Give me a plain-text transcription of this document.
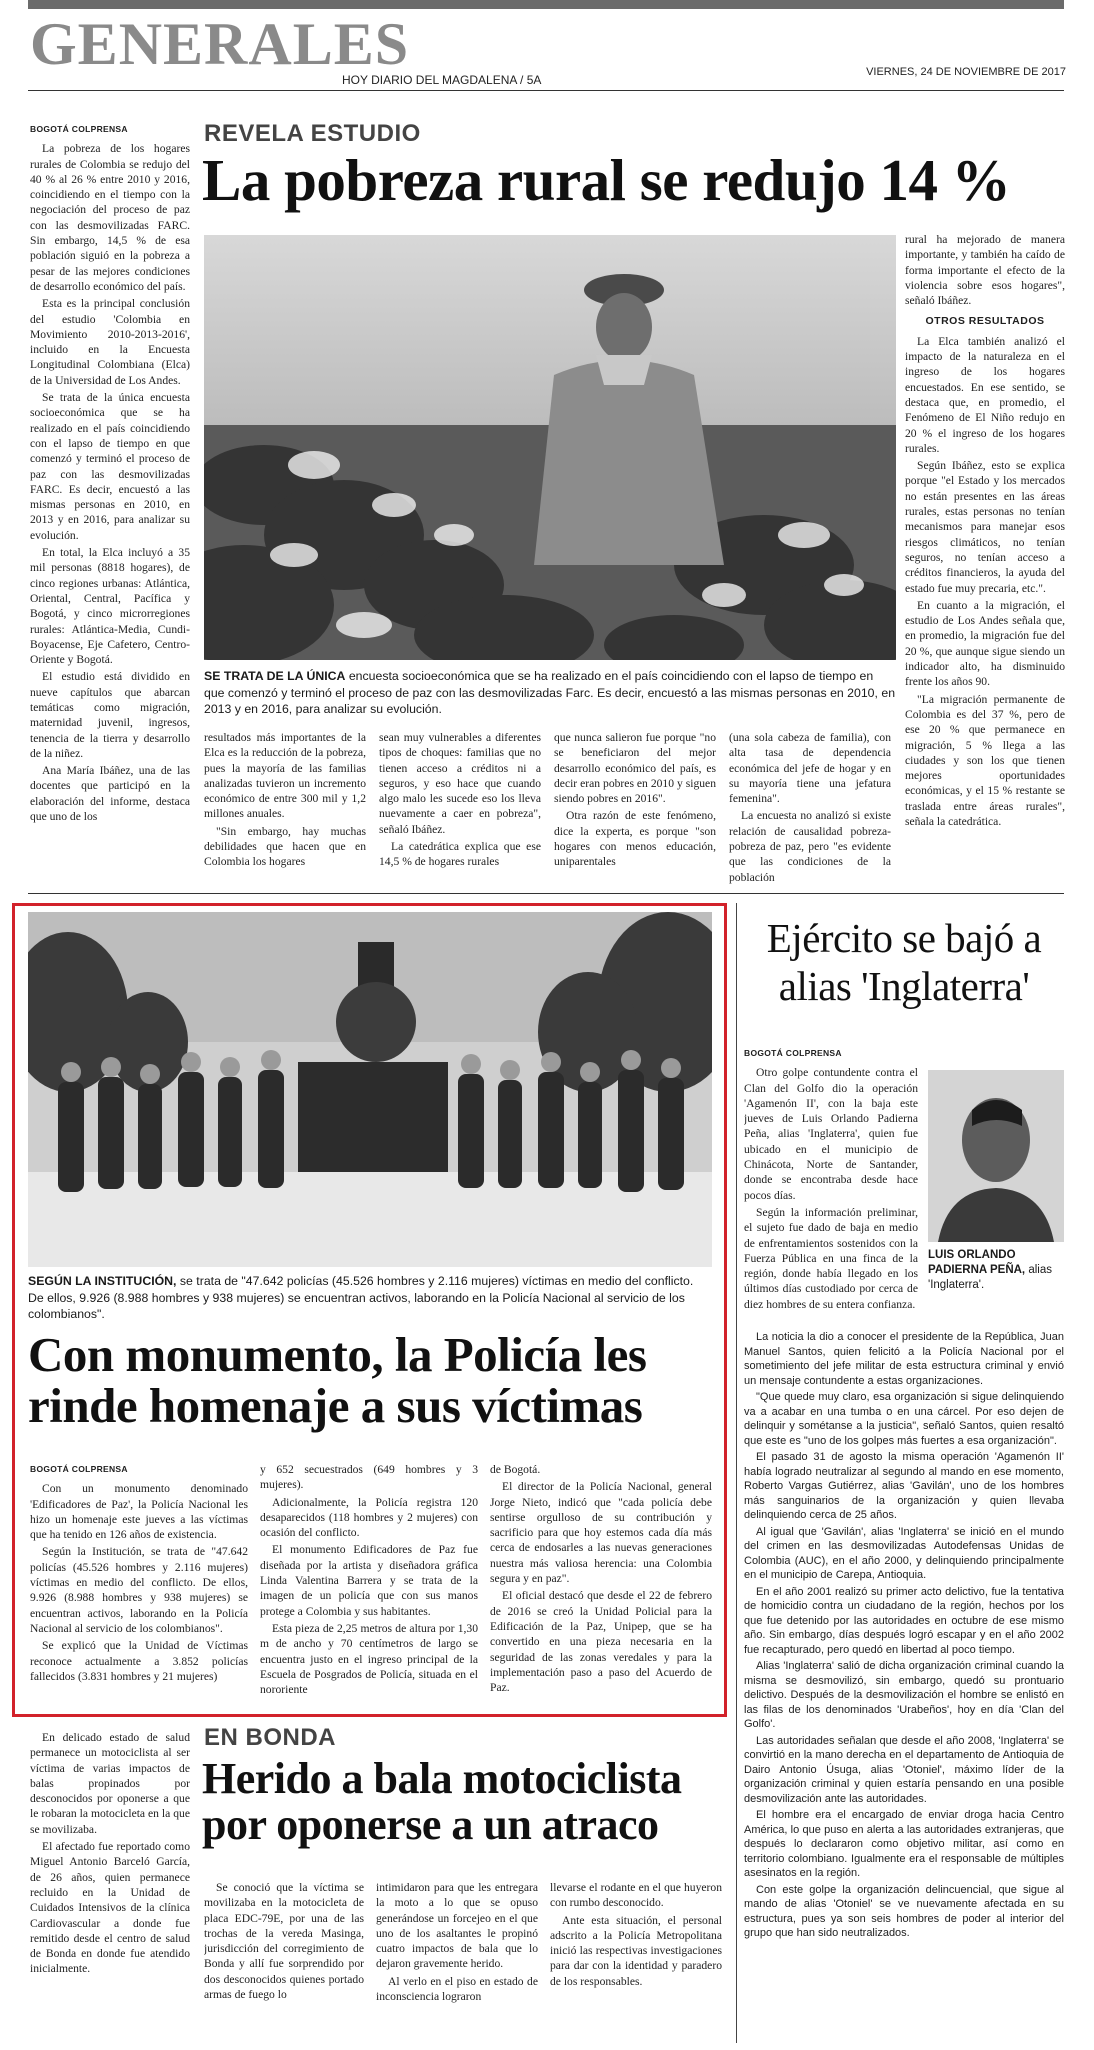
GENERALES
HOY DIARIO DEL MAGDALENA / 5A
VIERNES, 24 DE NOVIEMBRE DE 2017
BOGOTÁ COLPRENSA

La pobreza de los hogares rurales de Colombia se redujo del 40 % al 26 % entre 2010 y 2016, coincidiendo en el tiempo con la negociación del proceso de paz con las desmovilizadas FARC. Sin embargo, 14,5 % de esa población siguió en la pobreza a pesar de las mejores condiciones de desarrollo económico del país.

Esta es la principal conclusión del estudio 'Colombia en Movimiento 2010-2013-2016', incluido en la Encuesta Longitudinal Colombiana (Elca) de la Universidad de Los Andes.

Se trata de la única encuesta socioeconómica que se ha realizado en el país coincidiendo con el lapso de tiempo en que comenzó y terminó el proceso de paz con las desmovilizadas FARC. Es decir, encuestó a las mismas personas en 2010, en 2013 y en 2016, para analizar su evolución.

En total, la Elca incluyó a 35 mil personas (8818 hogares), de cinco regiones urbanas: Atlántica, Oriental, Central, Pacífica y Bogotá, y cinco microrregiones rurales: Atlántica-Media, Cundi-Boyacense, Eje Cafetero, Centro-Oriente y Bogotá.

El estudio está dividido en nueve capítulos que abarcan temáticas como migración, maternidad juvenil, ingresos, tenencia de la tierra y desarrollo de la niñez.

Ana María Ibáñez, una de las docentes que participó en la elaboración del informe, destaca que uno de los

REVELA ESTUDIO
La pobreza rural se redujo 14 %
SE TRATA DE LA ÚNICA encuesta socioeconómica que se ha realizado en el país coincidiendo con el lapso de tiempo en que comenzó y terminó el proceso de paz con las desmovilizadas Farc. Es decir, encuestó a las mismas personas en 2010, en 2013 y en 2016, para analizar su evolución.

resultados más importantes de la Elca es la reducción de la pobreza, pues la mayoría de las familias analizadas tuvieron un incremento económico de entre 300 mil y 1,2 millones anuales.

"Sin embargo, hay muchas debilidades que hacen que en Colombia los hogares

sean muy vulnerables a diferentes tipos de choques: familias que no tienen acceso a créditos ni a seguros, y eso hace que cuando algo malo les sucede eso los lleva nuevamente a caer en pobreza", señaló Ibáñez.

La catedrática explica que ese 14,5 % de hogares rurales

que nunca salieron fue porque "no se beneficiaron del mejor desarrollo económico del país, es decir eran pobres en 2010 y siguen siendo pobres en 2016".

Otra razón de este fenómeno, dice la experta, es porque "son hogares con menos educación, uniparentales

(una sola cabeza de familia), con alta tasa de dependencia económica del jefe de hogar y en su mayoría tiene una jefatura femenina".

La encuesta no analizó si existe relación de causalidad pobreza-pobreza de paz, pero "es evidente que las condiciones de la población

rural ha mejorado de manera importante, y también ha caído de forma importante el efecto de la violencia sobre esos hogares", señaló Ibáñez.

OTROS RESULTADOS

La Elca también analizó el impacto de la naturaleza en el ingreso de los hogares encuestados. En ese sentido, se destaca que, en promedio, el Fenómeno de El Niño redujo en 20 % el ingreso de los hogares rurales.

Según Ibáñez, esto se explica porque "el Estado y los mercados no están presentes en las áreas rurales, estas personas no tenían mecanismos para manejar esos riesgos climáticos, no tenían seguros, no tenían acceso a créditos financieros, la ayuda del estado fue muy precaria, etc.".

En cuanto a la migración, el estudio de Los Andes señala que, en promedio, la migración fue del 20 %, que aunque sigue siendo un indicador alto, ha disminuido frente los años 90.

"La migración permanente de Colombia es del 37 %, pero de ese 20 % que permanece en migración, 5 % llega a las ciudades y son los que tienen mejores oportunidades económicas, y el 15 % restante se traslada entre áreas rurales", señala la catedrática.

SEGÚN LA INSTITUCIÓN, se trata de "47.642 policías (45.526 hombres y 2.116 mujeres) víctimas en medio del conflicto. De ellos, 9.926 (8.988 hombres y 938 mujeres) se encuentran activos, laborando en la Policía Nacional al servicio de los colombianos".
Con monumento, la Policía les rinde homenaje a sus víctimas
BOGOTÁ COLPRENSA

Con un monumento denominado 'Edificadores de Paz', la Policía Nacional les hizo un homenaje este jueves a las víctimas que ha tenido en 126 años de existencia.

Según la Institución, se trata de "47.642 policías (45.526 hombres y 2.116 mujeres) víctimas en medio del conflicto. De ellos, 9.926 (8.988 hombres y 938 mujeres) se encuentran activos, laborando en la Policía Nacional al servicio de los colombianos".

Se explicó que la Unidad de Víctimas reconoce actualmente a 3.852 policías fallecidos (3.831 hombres y 21 mujeres)

y 652 secuestrados (649 hombres y 3 mujeres).

Adicionalmente, la Policía registra 120 desaparecidos (118 hombres y 2 mujeres) con ocasión del conflicto.

El monumento Edificadores de Paz fue diseñada por la artista y diseñadora gráfica Linda Valentina Barrera y se trata de la imagen de un policía que con sus manos protege a Colombia y sus habitantes.

Esta pieza de 2,25 metros de altura por 1,30 m de ancho y 70 centímetros de largo se encuentra justo en el ingreso principal de la Escuela de Posgrados de Policía, situada en el nororiente

de Bogotá.

El director de la Policía Nacional, general Jorge Nieto, indicó que "cada policía debe sentirse orgulloso de su contribución y sacrificio para que hoy estemos cada día más cerca de endosarles a las nuevas generaciones nuestra más valiosa herencia: una Colombia segura y en paz".

El oficial destacó que desde el 22 de febrero de 2016 se creó la Unidad Policial para la Edificación de la Paz, Unipep, que se ha convertido en una pieza necesaria en la seguridad de las zonas veredales y para la implementación paso a paso del Acuerdo de Paz.

Ejército se bajó a alias 'Inglaterra'
BOGOTÁ COLPRENSA

Otro golpe contundente contra el Clan del Golfo dio la operación 'Agamenón II', con la baja este jueves de Luis Orlando Padierna Peña, alias 'Inglaterra', quien fue ubicado en el municipio de Chinácota, Norte de Santander, donde se encontraba desde hace pocos días.

Según la información preliminar, el sujeto fue dado de baja en medio de enfrentamientos sostenidos con la Fuerza Pública en una finca de la región, donde había llegado en los últimos días custodiado por cerca de diez hombres de su entera confianza.

LUIS ORLANDO PADIERNA PEÑA, alias 'Inglaterra'.

La noticia la dio a conocer el presidente de la República, Juan Manuel Santos, quien felicitó a la Policía Nacional por el sometimiento del jefe militar de esta estructura criminal y envió un mensaje contundente a estas organizaciones.

"Que quede muy claro, esa organización si sigue delinquiendo va a acabar en una tumba o en una cárcel. Por eso dejen de delinquir y sométanse a la justicia", señaló Santos, quien resaltó que este es "uno de los golpes más fuertes a esa organización".

El pasado 31 de agosto la misma operación 'Agamenón II' había logrado neutralizar al segundo al mando en ese momento, Roberto Vargas Gutiérrez, alias 'Gavilán', uno de los hombres más sanguinarios de la organización y quien llevaba delinquiendo cerca de 25 años.

Al igual que 'Gavilán', alias 'Inglaterra' se inició en el mundo del crimen en las desmovilizadas Autodefensas Unidas de Colombia (AUC), en el año 2000, y delinquiendo principalmente en el municipio de Carepa, Antioquia.

En el año 2001 realizó su primer acto delictivo, fue la tentativa de homicidio contra un ciudadano de la región, hechos por los que fue detenido por las autoridades en octubre de ese mismo año. Sin embargo, días después logró escapar y en el año 2002 fue recapturado, pero quedó en libertad al poco tiempo.

Alias 'Inglaterra' salió de dicha organización criminal cuando la misma se desmovilizó, sin embargo, quedó su prontuario delictivo. Después de la desmovilización el hombre se enlistó en las filas de los denominados 'Urabeños', hoy en día 'Clan del Golfo'.

Las autoridades señalan que desde el año 2008, 'Inglaterra' se convirtió en la mano derecha en el departamento de Antioquia de Dairo Antonio Úsuga, alias 'Otoniel', máximo líder de la organización criminal y quien estaría pensando en una posible desmovilización ante las autoridades.

El hombre era el encargado de enviar droga hacia Centro América, lo que puso en alerta a las autoridades extranjeras, que después lo declararon como objetivo militar, así como en territorio colombiano. Igualmente era el responsable de múltiples asesinatos en la región.

Con este golpe la organización delincuencial, que sigue al mando de alias 'Otoniel' se ve nuevamente afectada en su estructura, pues ya son seis hombres de poder al interior del grupo que han sido neutralizados.

En delicado estado de salud permanece un motociclista al ser víctima de varias impactos de balas propinados por desconocidos por oponerse a que le robaran la motocicleta en la que se movilizaba.

El afectado fue reportado como Miguel Antonio Barceló García, de 26 años, quien permanece recluido en la Unidad de Cuidados Intensivos de la clínica Cardiovascular a donde fue remitido desde el centro de salud de Bonda en donde fue atendido inicialmente.

EN BONDA
Herido a bala motociclista por oponerse a un atraco

Se conoció que la víctima se movilizaba en la motocicleta de placa EDC-79E, por una de las trochas de la vereda Masinga, jurisdicción del corregimiento de Bonda y allí fue sorprendido por dos desconocidos quienes portado armas de fuego lo

intimidaron para que les entregara la moto a lo que se opuso generándose un forcejeo en el que uno de los asaltantes le propinó cuatro impactos de bala que lo dejaron gravemente herido.

Al verlo en el piso en estado de inconsciencia lograron

llevarse el rodante en el que huyeron con rumbo desconocido.

Ante esta situación, el personal adscrito a la Policía Metropolitana inició las respectivas investigaciones para dar con la identidad y paradero de los responsables.
